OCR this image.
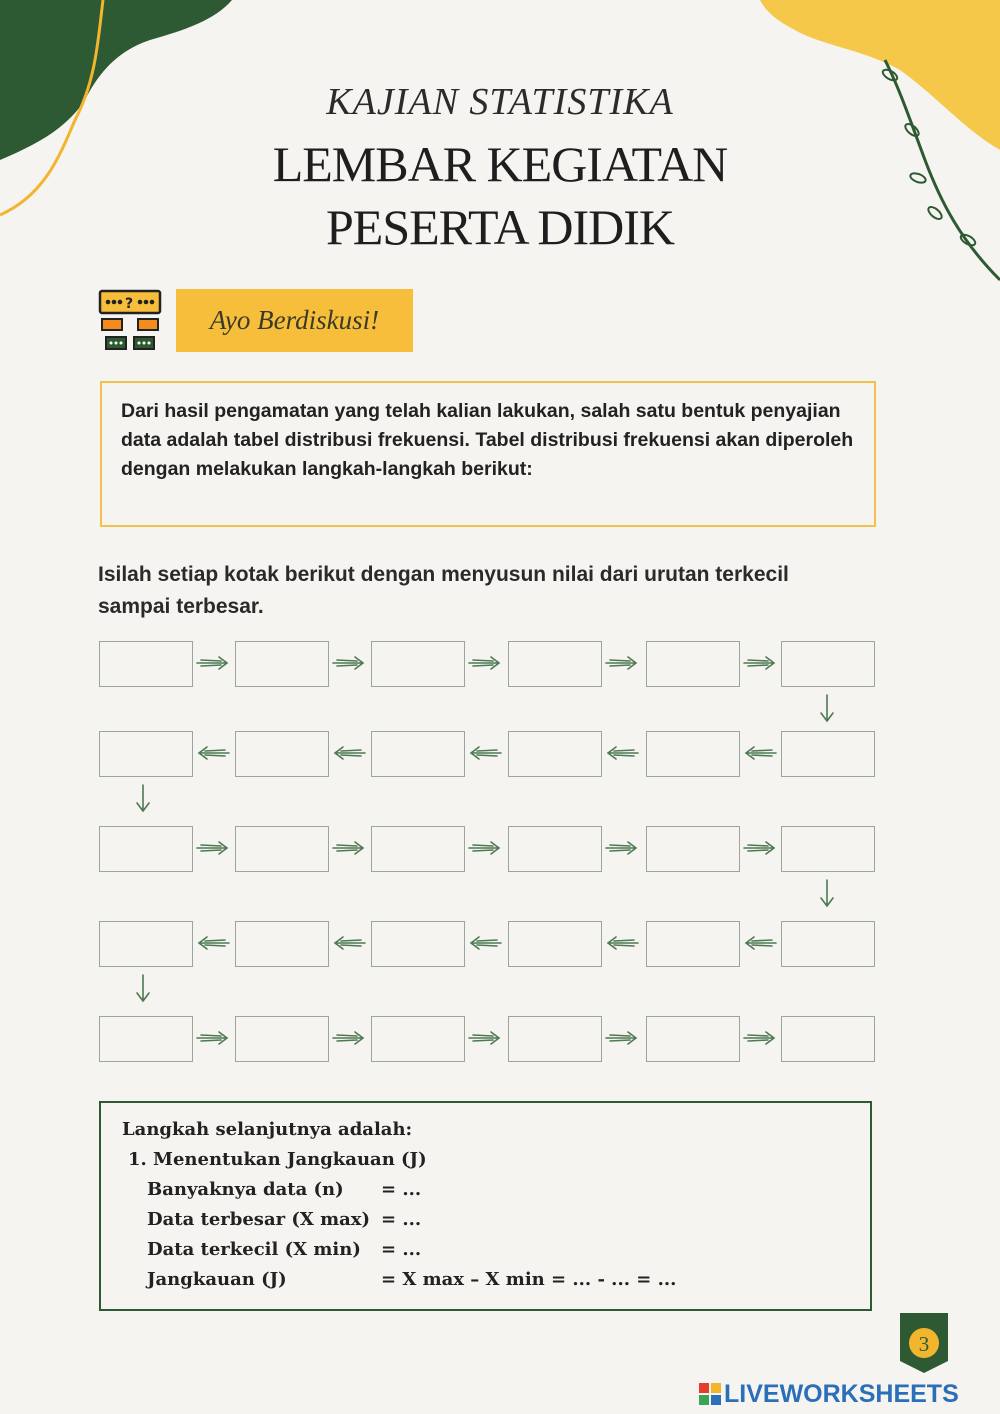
KAJIAN STATISTIKA
LEMBAR KEGIATAN
PESERTA DIDIK
?
Ayo Berdiskusi!
Dari hasil pengamatan yang telah kalian lakukan, salah satu bentuk penyajian data adalah tabel distribusi frekuensi. Tabel distribusi frekuensi akan diperoleh dengan melakukan langkah-langkah berikut:
Isilah setiap kotak berikut dengan menyusun nilai dari urutan terkecil sampai terbesar.
Langkah selanjutnya adalah:
1. Menentukan Jangkauan (J)
Banyaknya data (n) = ...
Data terbesar (X max) = ...
Data terkecil (X min) = ...
Jangkauan (J)	= X max – X min = ... - ... = ...
3
LIVEWORKSHEETS
